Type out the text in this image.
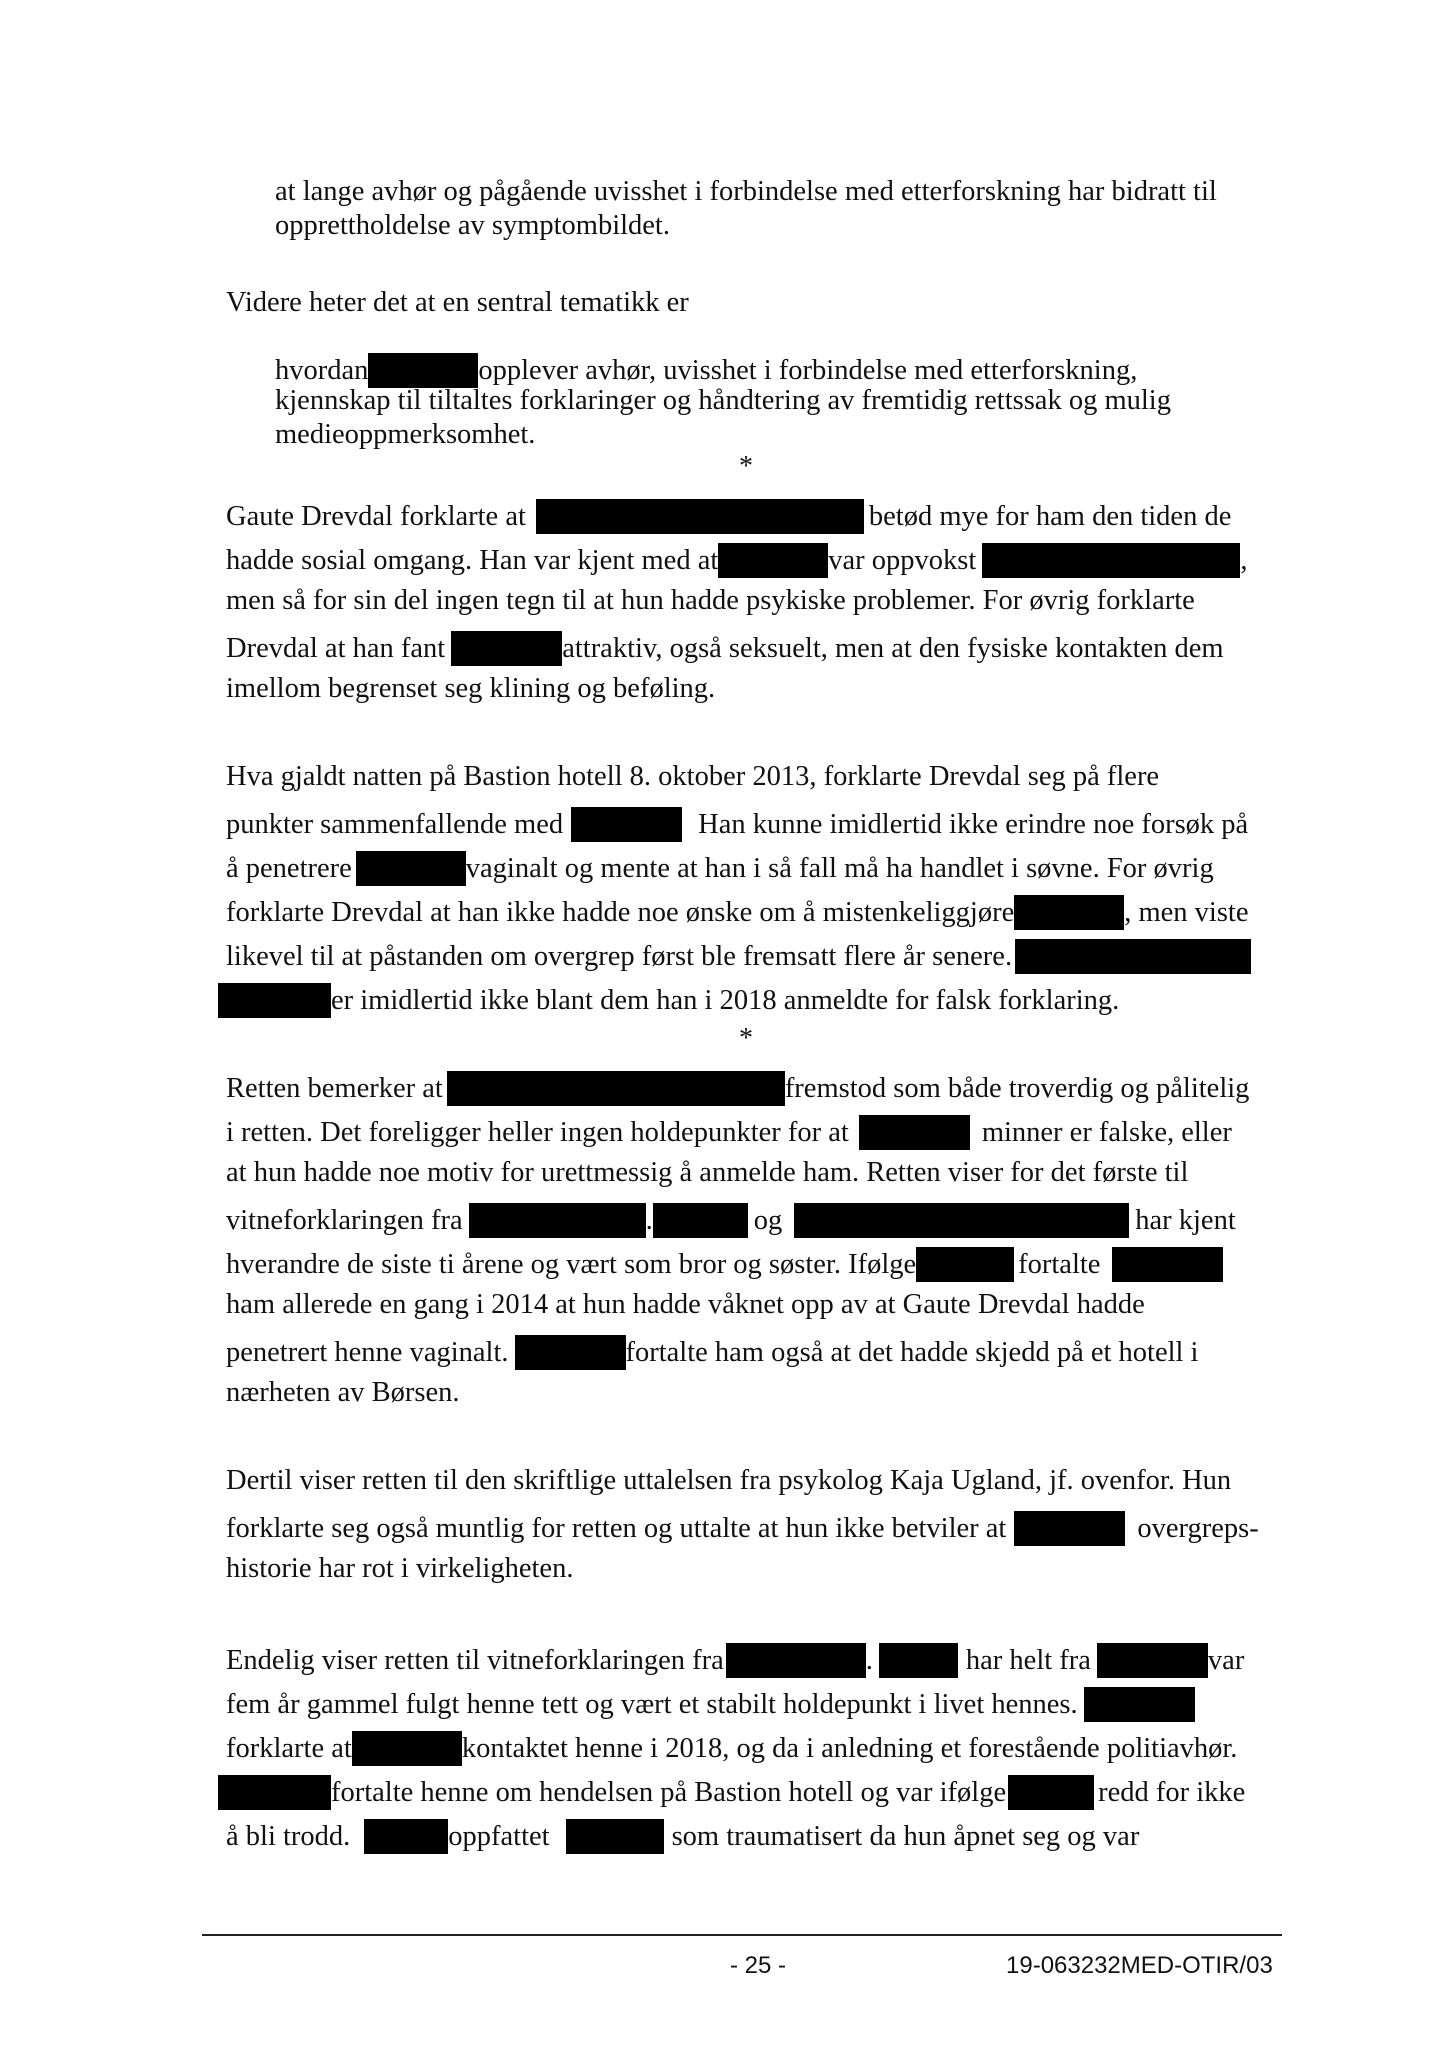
at lange avhør og pågående uvisshet i forbindelse med etterforskning har bidratt til
opprettholdelse av symptombildet.
Videre heter det at en sentral tematikk er
hvordan	opplever avhør, uvisshet i forbindelse med etterforskning,
kjennskap til tiltaltes forklaringer og håndtering av fremtidig rettssak og mulig
medieoppmerksomhet.
*
Gaute Drevdal forklarte at	betød mye for ham den tiden de
hadde sosial omgang. Han var kjent med at	var oppvokst	,
men så for sin del ingen tegn til at hun hadde psykiske problemer. For øvrig forklarte
Drevdal at han fant	attraktiv, også seksuelt, men at den fysiske kontakten dem
imellom begrenset seg klining og beføling.
Hva gjaldt natten på Bastion hotell 8. oktober 2013, forklarte Drevdal seg på flere
punkter sammenfallende med	Han kunne imidlertid ikke erindre noe forsøk på
å penetrere	vaginalt og mente at han i så fall må ha handlet i søvne. For øvrig
forklarte Drevdal at han ikke hadde noe ønske om å mistenkeliggjøre	, men viste
likevel til at påstanden om overgrep først ble fremsatt flere år senere.
er imidlertid ikke blant dem han i 2018 anmeldte for falsk forklaring.
*
Retten bemerker at	fremstod som både troverdig og pålitelig
i retten. Det foreligger heller ingen holdepunkter for at	minner er falske, eller
at hun hadde noe motiv for urettmessig å anmelde ham. Retten viser for det første til
vitneforklaringen fra	.	og	har kjent
hverandre de siste ti årene og vært som bror og søster. Ifølge	fortalte
ham allerede en gang i 2014 at hun hadde våknet opp av at Gaute Drevdal hadde
penetrert henne vaginalt.	fortalte ham også at det hadde skjedd på et hotell i
nærheten av Børsen.
Dertil viser retten til den skriftlige uttalelsen fra psykolog Kaja Ugland, jf. ovenfor. Hun
forklarte seg også muntlig for retten og uttalte at hun ikke betviler at	overgreps-
historie har rot i virkeligheten.
Endelig viser retten til vitneforklaringen fra	.	har helt fra	var
fem år gammel fulgt henne tett og vært et stabilt holdepunkt i livet hennes.
forklarte at	kontaktet henne i 2018, og da i anledning et forestående politiavhør.
fortalte henne om hendelsen på Bastion hotell og var ifølge	redd for ikke
å bli trodd.	oppfattet	som traumatisert da hun åpnet seg og var
- 25 -	19-063232MED-OTIR/03
